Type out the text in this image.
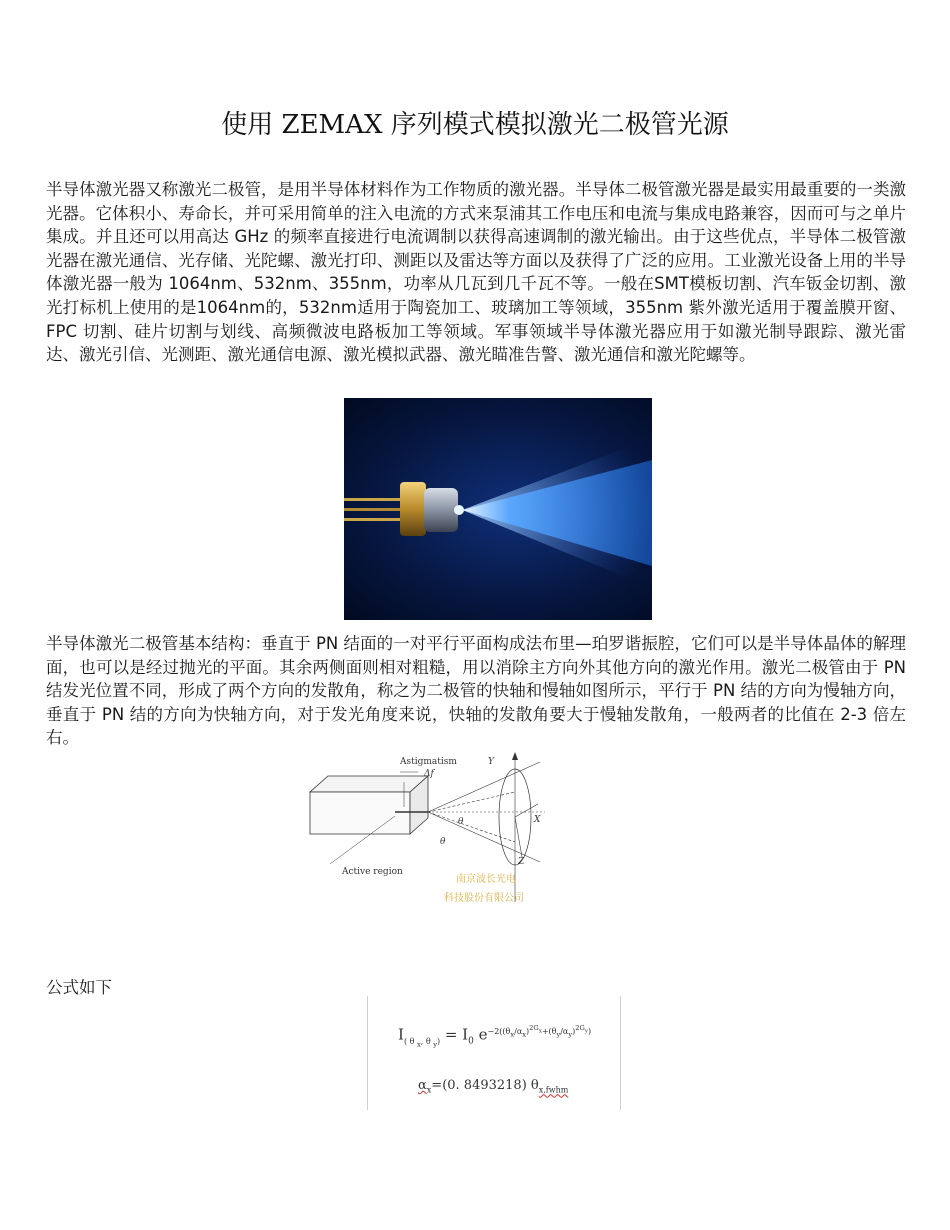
使用 ZEMAX 序列模式模拟激光二极管光源

半导体激光器又称激光二极管，是用半导体材料作为工作物质的激光器。半导体二极管激光器是最实用最重要的一类激光器。它体积小、寿命长，并可采用简单的注入电流的方式来泵浦其工作电压和电流与集成电路兼容，因而可与之单片集成。并且还可以用高达 GHz 的频率直接进行电流调制以获得高速调制的激光输出。由于这些优点，半导体二极管激光器在激光通信、光存储、光陀螺、激光打印、测距以及雷达等方面以及获得了广泛的应用。工业激光设备上用的半导体激光器一般为 1064nm、532nm、355nm，功率从几瓦到几千瓦不等。一般在SMT模板切割、汽车钣金切割、激光打标机上使用的是1064nm的，532nm适用于陶瓷加工、玻璃加工等领域，355nm 紫外激光适用于覆盖膜开窗、FPC 切割、硅片切割与划线、高频微波电路板加工等领域。军事领域半导体激光器应用于如激光制导跟踪、激光雷达、激光引信、光测距、激光通信电源、激光模拟武器、激光瞄准告警、激光通信和激光陀螺等。

半导体激光二极管基本结构：垂直于 PN 结面的一对平行平面构成法布里—珀罗谐振腔，它们可以是半导体晶体的解理面，也可以是经过抛光的平面。其余两侧面则相对粗糙，用以消除主方向外其他方向的激光作用。激光二极管由于 PN 结发光位置不同，形成了两个方向的发散角，称之为二极管的快轴和慢轴如图所示，平行于 PN 结的方向为慢轴方向，垂直于 PN 结的方向为快轴方向，对于发光角度来说，快轴的发散角要大于慢轴发散角，一般两者的比值在 2-3 倍左右。

Astigmatism
Δf
Y
X
Z
θ
θ
Active region
南京波长光电
科技股份有限公司
公式如下
$I_{( \theta _x, \theta _y)} = I_0$ $e^{-2((\theta_x/\alpha_x)^{2G_x}+(\theta_y/\alpha_y)^{2G_y})}$
$\alpha_x=(0$. 8493218) $\theta_{x,fwhm}$
